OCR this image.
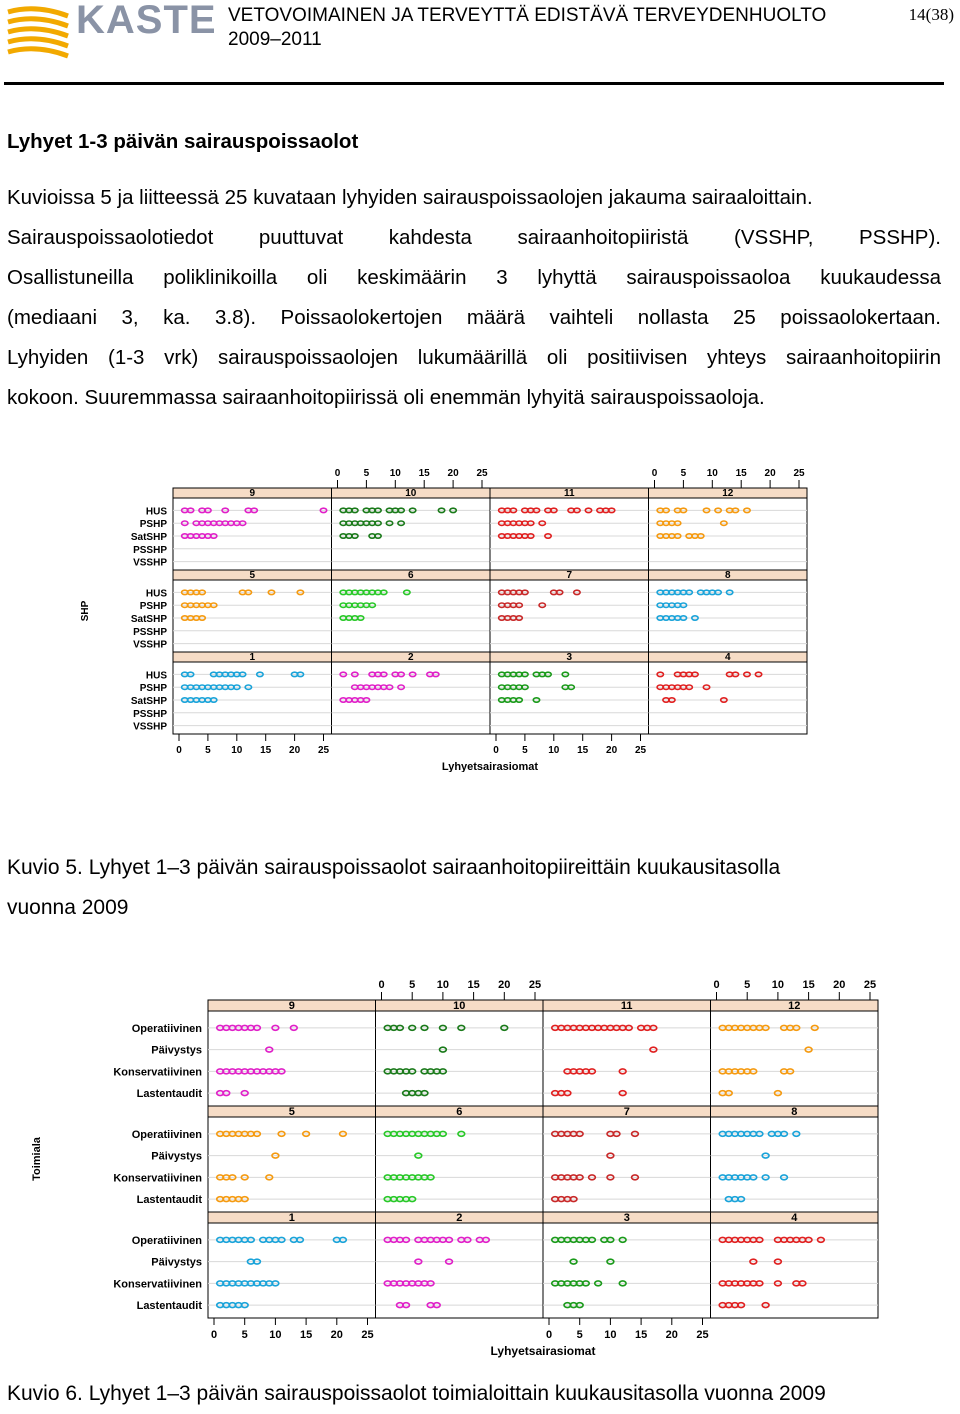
KASTE VETOVOIMAINEN JA TERVEYTTÄ EDISTÄVÄ TERVEYDENHUOLTO
2009–2011
14(38)
Lyhyet 1-3 päivän sairauspoissaolot
Kuvioissa 5 ja liitteessä 25 kuvataan lyhyiden sairauspoissaolojen jakauma sairaaloittain.
Sairauspoissaolotiedot puuttuvat kahdesta sairaanhoitopiiristä (VSSHP, PSSHP).
Osallistuneilla poliklinikoilla oli keskimäärin 3 lyhyttä sairauspoissaoloa kuukaudessa
(mediaani 3, ka. 3.8). Poissaolokertojen määrä vaihteli nollasta 25 poissaolokertaan.
Lyhyiden (1-3 vrk) sairauspoissaolojen lukumäärillä oli positiivisen yhteys sairaanhoitopiirin
kokoon. Suuremmassa sairaanhoitopiirissä oli enemmän lyhyitä sairauspoissaoloja.
0 5 10 15 20 25	0 5 10 15 20 25
0 5 10 15 20 25	0 5 10 15 20 25
Lyhyetsairasiomat
SHP
9
HUS
PSHP
SatSHP
PSSHP
VSSHP
10	11	12
5
HUS
PSHP
SatSHP
PSSHP
VSSHP
6	7	8
1
HUS
PSHP
SatSHP
PSSHP
VSSHP
2	3	4
Kuvio 5. Lyhyet 1–3 päivän sairauspoissaolot sairaanhoitopiireittäin kuukausitasolla
vuonna 2009
0 5 10 15 20 25	0 5 10 15 20 25
0 5 10 15 20 25	0 5 10 15 20 25
Lyhyetsairasiomat
Toimiala
9
Operatiivinen
Päivystys
Konservatiivinen
Lastentaudit
10	11	12
5
Operatiivinen
Päivystys
Konservatiivinen
Lastentaudit
6	7	8
1
Operatiivinen
Päivystys
Konservatiivinen
Lastentaudit
2	3	4
Kuvio 6. Lyhyet 1–3 päivän sairauspoissaolot toimialoittain kuukausitasolla vuonna 2009
